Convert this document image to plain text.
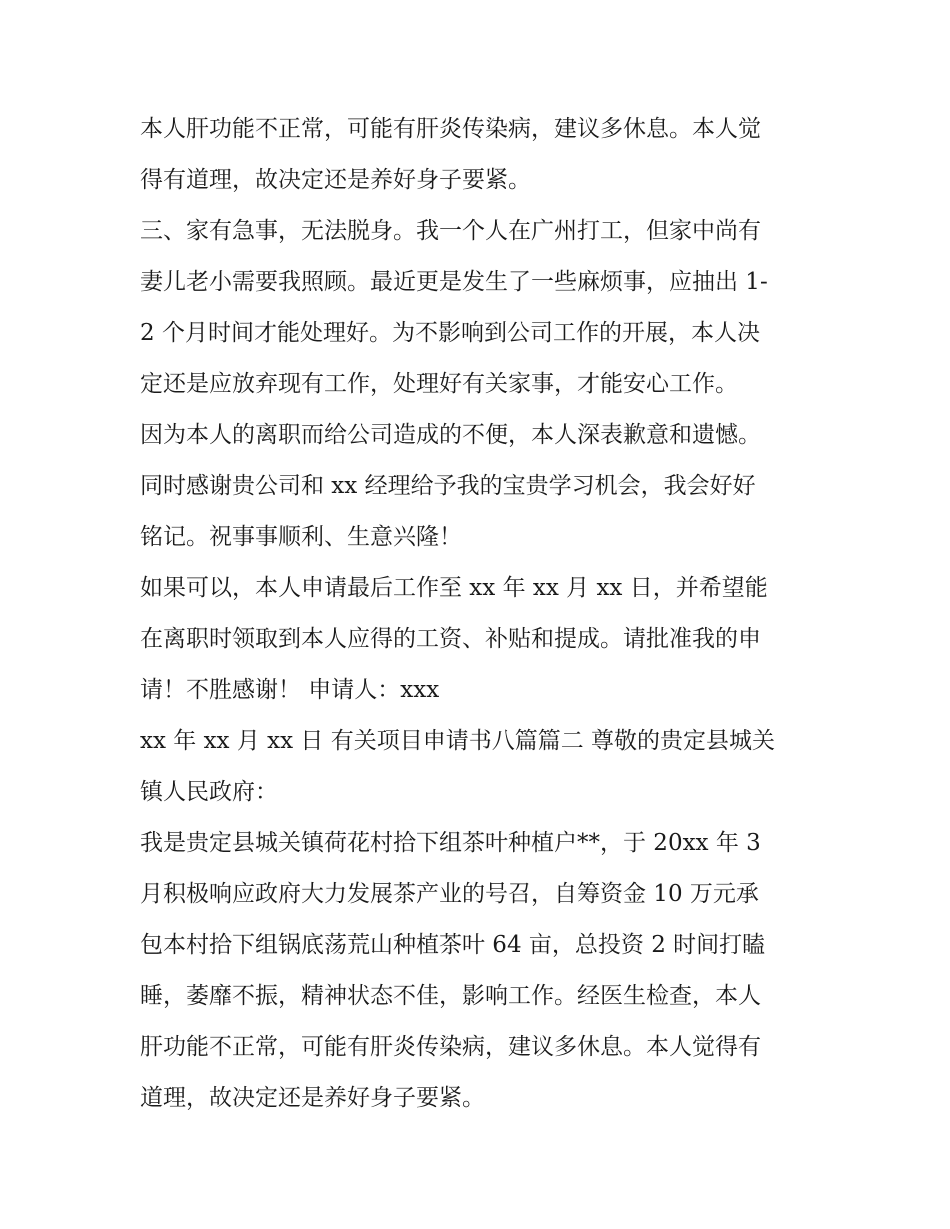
本人肝功能不正常，可能有肝炎传染病，建议多休息。本人觉
得有道理，故决定还是养好身子要紧。
三、家有急事，无法脱身。我一个人在广州打工，但家中尚有
妻儿老小需要我照顾。最近更是发生了一些麻烦事，应抽出 1-
2 个月时间才能处理好。为不影响到公司工作的开展，本人决
定还是应放弃现有工作，处理好有关家事，才能安心工作。
因为本人的离职而给公司造成的不便，本人深表歉意和遗憾。
同时感谢贵公司和 xx 经理给予我的宝贵学习机会，我会好好
铭记。祝事事顺利、生意兴隆！
如果可以，本人申请最后工作至 xx 年 xx 月 xx 日，并希望能
在离职时领取到本人应得的工资、补贴和提成。请批准我的申
请！不胜感谢！ 申请人：xxx
xx 年 xx 月 xx 日 有关项目申请书八篇篇二 尊敬的贵定县城关
镇人民政府：
我是贵定县城关镇荷花村拾下组茶叶种植户**，于 20xx 年 3
月积极响应政府大力发展茶产业的号召，自筹资金 10 万元承
包本村拾下组锅底荡荒山种植茶叶 64 亩，总投资 2 时间打瞌
睡，萎靡不振，精神状态不佳，影响工作。经医生检查，本人
肝功能不正常，可能有肝炎传染病，建议多休息。本人觉得有
道理，故决定还是养好身子要紧。
